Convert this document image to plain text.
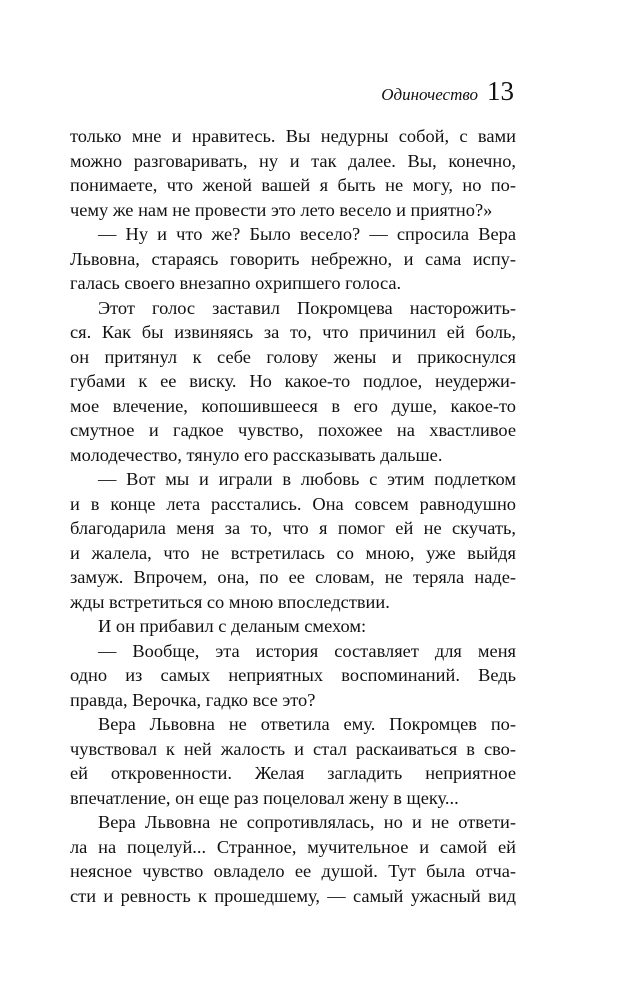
Одиночество 13
только мне и нравитесь. Вы недурны собой, с вами
можно разговаривать, ну и так далее. Вы, конечно,
понимаете, что женой вашей я быть не могу, но по-
чему же нам не провести это лето весело и приятно?»
— Ну и что же? Было весело? — спросила Вера
Львовна, стараясь говорить небрежно, и сама испу-
галась своего внезапно охрипшего голоса.
Этот голос заставил Покромцева насторожить-
ся. Как бы извиняясь за то, что причинил ей боль,
он притянул к себе голову жены и прикоснулся
губами к ее виску. Но какое-то подлое, неудержи-
мое влечение, копошившееся в его душе, какое-то
смутное и гадкое чувство, похожее на хвастливое
молодечество, тянуло его рассказывать дальше.
— Вот мы и играли в любовь с этим подлетком
и в конце лета расстались. Она совсем равнодушно
благодарила меня за то, что я помог ей не скучать,
и жалела, что не встретилась со мною, уже выйдя
замуж. Впрочем, она, по ее словам, не теряла наде-
жды встретиться со мною впоследствии.
И он прибавил с деланым смехом:
— Вообще, эта история составляет для меня
одно из самых неприятных воспоминаний. Ведь
правда, Верочка, гадко все это?
Вера Львовна не ответила ему. Покромцев по-
чувствовал к ней жалость и стал раскаиваться в сво-
ей откровенности. Желая загладить неприятное
впечатление, он еще раз поцеловал жену в щеку...
Вера Львовна не сопротивлялась, но и не ответи-
ла на поцелуй... Странное, мучительное и самой ей
неясное чувство овладело ее душой. Тут была отча-
сти и ревность к прошедшему, — самый ужасный вид
